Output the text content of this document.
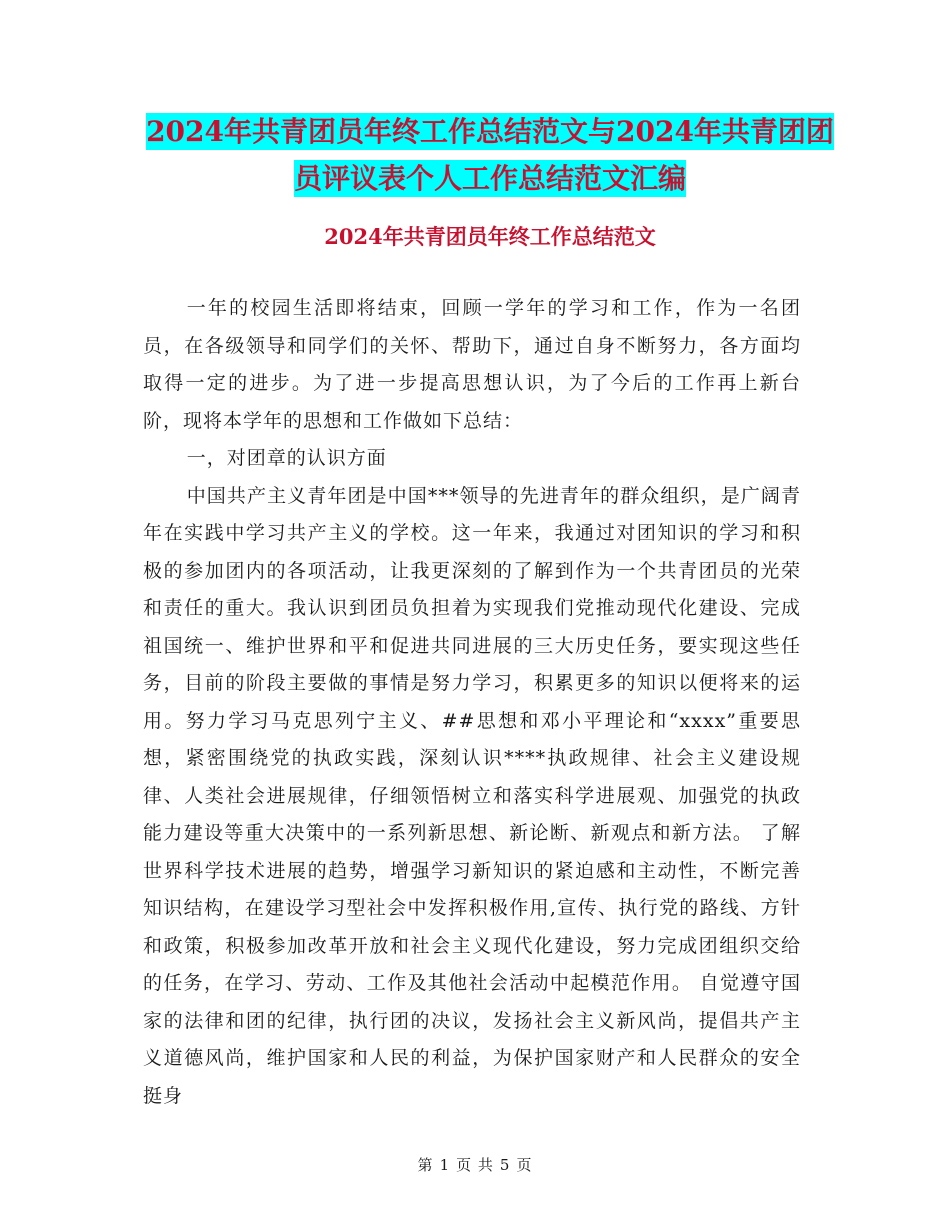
2024年共青团员年终工作总结范文与2024年共青团团
员评议表个人工作总结范文汇编
2024年共青团员年终工作总结范文

一年的校园生活即将结束，回顾一学年的学习和工作，作为一名团员，在各级领导和同学们的关怀、帮助下，通过自身不断努力，各方面均取得一定的进步。为了进一步提高思想认识，为了今后的工作再上新台阶，现将本学年的思想和工作做如下总结：

一，对团章的认识方面

中国共产主义青年团是中国***领导的先进青年的群众组织，是广阔青年在实践中学习共产主义的学校。这一年来，我通过对团知识的学习和积极的参加团内的各项活动，让我更深刻的了解到作为一个共青团员的光荣和责任的重大。我认识到团员负担着为实现我们党推动现代化建设、完成祖国统一、维护世界和平和促进共同进展的三大历史任务，要实现这些任务，目前的阶段主要做的事情是努力学习，积累更多的知识以便将来的运用。努力学习马克思列宁主义、##思想和邓小平理论和“xxxx”重要思想，紧密围绕党的执政实践，深刻认识****执政规律、社会主义建设规律、人类社会进展规律，仔细领悟树立和落实科学进展观、加强党的执政能力建设等重大决策中的一系列新思想、新论断、新观点和新方法。 了解世界科学技术进展的趋势，增强学习新知识的紧迫感和主动性，不断完善知识结构，在建设学习型社会中发挥积极作用,宣传、执行党的路线、方针和政策，积极参加改革开放和社会主义现代化建设，努力完成团组织交给的任务，在学习、劳动、工作及其他社会活动中起模范作用。 自觉遵守国家的法律和团的纪律，执行团的决议，发扬社会主义新风尚，提倡共产主义道德风尚，维护国家和人民的利益，为保护国家财产和人民群众的安全挺身

第 1 页 共 5 页
